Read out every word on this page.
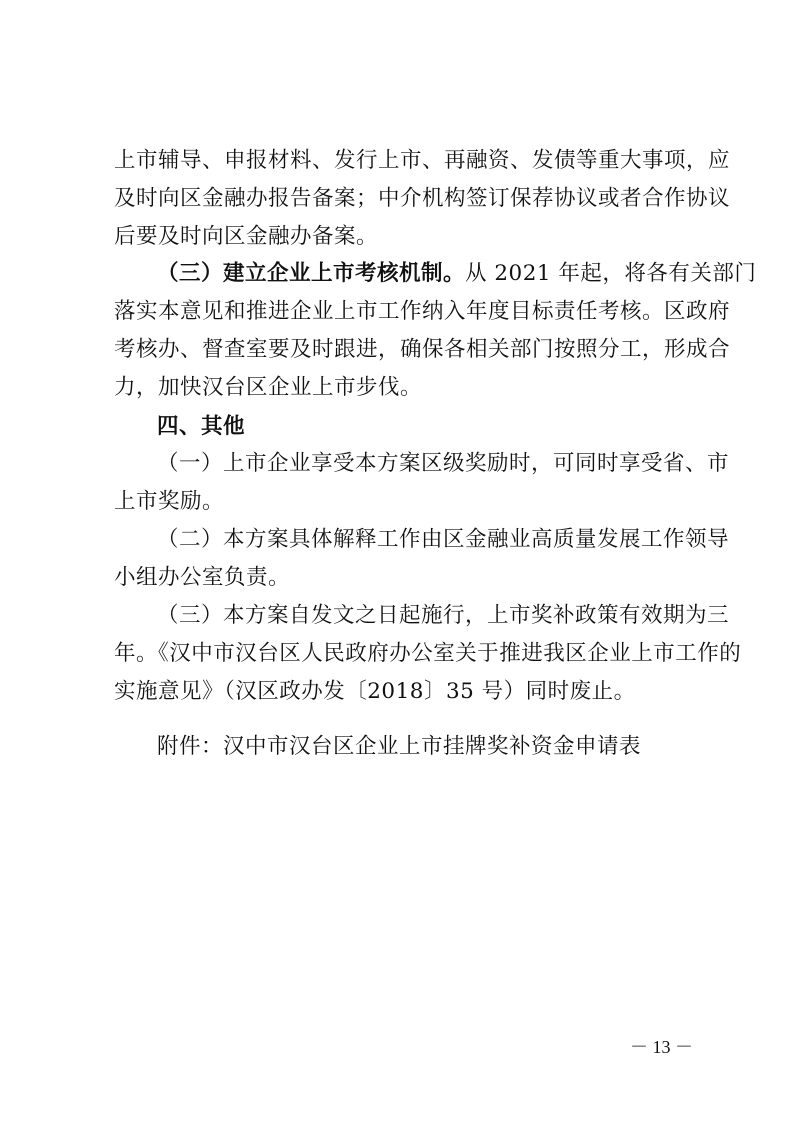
上市辅导、申报材料、发行上市、再融资、发债等重大事项，应
及时向区金融办报告备案；中介机构签订保荐协议或者合作协议
后要及时向区金融办备案。
（三）建立企业上市考核机制。从 2021 年起，将各有关部门
落实本意见和推进企业上市工作纳入年度目标责任考核。区政府
考核办、督查室要及时跟进，确保各相关部门按照分工，形成合
力，加快汉台区企业上市步伐。
四、其他
（一）上市企业享受本方案区级奖励时，可同时享受省、市
上市奖励。
（二）本方案具体解释工作由区金融业高质量发展工作领导
小组办公室负责。
（三）本方案自发文之日起施行，上市奖补政策有效期为三
年。《汉中市汉台区人民政府办公室关于推进我区企业上市工作的
实施意见》（汉区政办发〔2018〕35 号）同时废止。
附件：汉中市汉台区企业上市挂牌奖补资金申请表
－ 13 －
